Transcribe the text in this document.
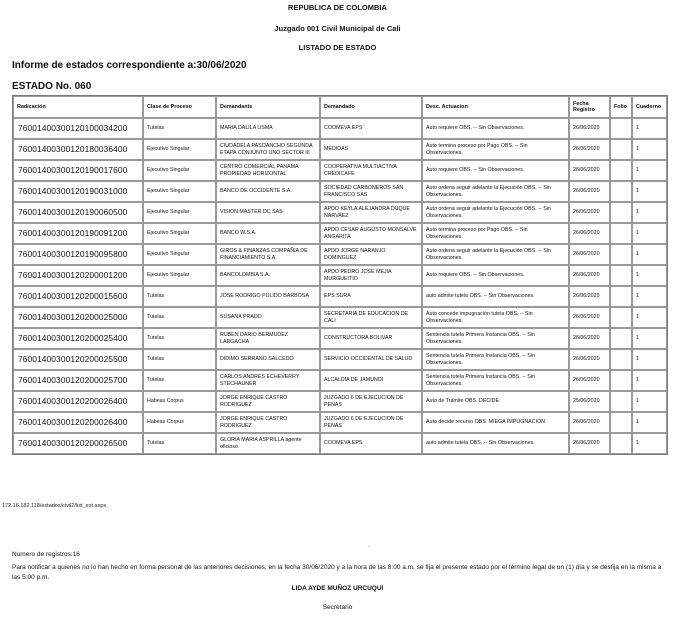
REPUBLICA DE COLOMBIA
Juzgado 001 Civil Municipal de Cali
LISTADO DE ESTADO
Informe de estados correspondiente a:30/06/2020
ESTADO No. 060
Radicación	Clase de Proceso	Demandante	Demandado	Desc. Actuacion	Fecha Registro	Folio	Cuaderno
76001400300120100034200	Tutelas	MARIA DALILA USMA	COOMEVA EPS	Auto requiere OBS. -- Sin Observaciones.	26/06/2020		1
76001400300120180036400	Ejecutivo Singular	CIUDADELA PASOANCHO SEGUNDA ETAPA CONJUNTO UNO SECTOR III	MEDIDAS	Auto termina proceso por Pago OBS. -- Sin Observaciones.	26/06/2020		1
76001400300120190017600	Ejecutivo Singular	CENTRO COMERCIAL PANAMA PROPIEDAD HORIZONTAL	COOPERATIVA MULTIACTIVA CREDICAFE	Auto requiere OBS. -- Sin Observaciones.	26/06/2020		1
76001400300120190031000	Ejecutivo Singular	BANCO DE OCCIDENTE S.A.	SOCIEDAD CARBONEROS SAN FRANCISCO SAS	Auto ordena seguir adelante la Ejecución OBS. -- Sin Observaciones.	26/06/2020		1
76001400300120190060500	Ejecutivo Singular	VISION MASTER DC SAS	APDO KEYLA ALEJANDRA DUQUE NARVAEZ	Auto ordena seguir adelante la Ejecución OBS. -- Sin Observaciones.	26/06/2020		1
76001400300120190091200	Ejecutivo Singular	BANCO W.S.A.	APDO CESAR AUGUSTO MONSALVE ANGARITA	Auto termina proceso por Pago OBS. -- Sin Observaciones.	26/06/2020		1
76001400300120190095800	Ejecutivo Singular	GIROS & FINANZAS COMPAÑIA DE FINANCIAMIENTO S.A.	APDO JORGE NARANJO DOMINGUEZ	Auto ordena seguir adelante la Ejecución OBS. -- Sin Observaciones.	26/06/2020		1
76001400300120200001200	Ejecutivo Singular	BANCOLOMBIA S.A.	APDO PEDRO JOSE MEJIA MURGUEITIO	Auto requiere OBS. -- Sin Observaciones.	26/06/2020		1
76001400300120200015600	Tutelas	JOSE RODRIGO PULIDO BARBOSA	EPS SURA	auto admite tutela OBS. -- Sin Observaciones.	26/06/2020		1
76001400300120200025000	Tutelas	SUSANA PRADO	SECRETARIA DE EDUCACION DE CALI	Auto concede impugnación tutela OBS. -- Sin Observaciones.	26/06/2020		1
76001400300120200025400	Tutelas	RUBEN DARIO BERMUDEZ LARGACHA	CONSTRUCTORA BOLIVAR	Sentencia tutela Primera Instancia OBS. -- Sin Observaciones.	26/06/2020		1
76001400300120200025500	Tutelas	DIDIMO SERRANO SALCEDO	SERVICIO OCCIDENTAL DE SALUD	Sentencia tutela Primera Instancia OBS. -- Sin Observaciones.	26/06/2020		1
76001400300120200025700	Tutelas	CARLOS ANDRES ECHEVERRY STECHAUNER	ALCALDIA DE JAMUNDI	Sentencia tutela Primera Instancia OBS. -- Sin Observaciones.	26/06/2020		1
76001400300120200026400	Habeas Corpus	JORGE ENRIQUE CASTRO RODRIGUEZ	JUZGADO 6 DE EJECUCION DE PENAS	Auto de Trámite OBS. DECIDE	25/06/2020		1
76001400300120200026400	Habeas Corpus	JORGE ENRIQUE CASTRO RODRIGUEZ	JUZGADO 6 DE EJECUCION DE PENAS	Auto decide recurso OBS. MIEGA IMPUGNACIÓN	26/06/2020		1
76001400300120200026500	Tutelas	GLORIA MARIA ASPRILLA agente oficioso	COOMEVA EPS	auto admite tutela OBS. -- Sin Observaciones.	26/06/2020		1
172.16.182.118/estados/civil2/list_est.aspx
.
Numero de registros:16
Para notificar a quienes no lo han hecho en forma personal de las anteriores decisiones, en la fecha 30/06/2020 y a la hora de las 8:00 a.m. se fija el presente estado por el término legal de un (1) día y se desfija en la misma a las 5:00 p.m.
LIDA AYDE MUÑOZ URCUQUI
Secretario
